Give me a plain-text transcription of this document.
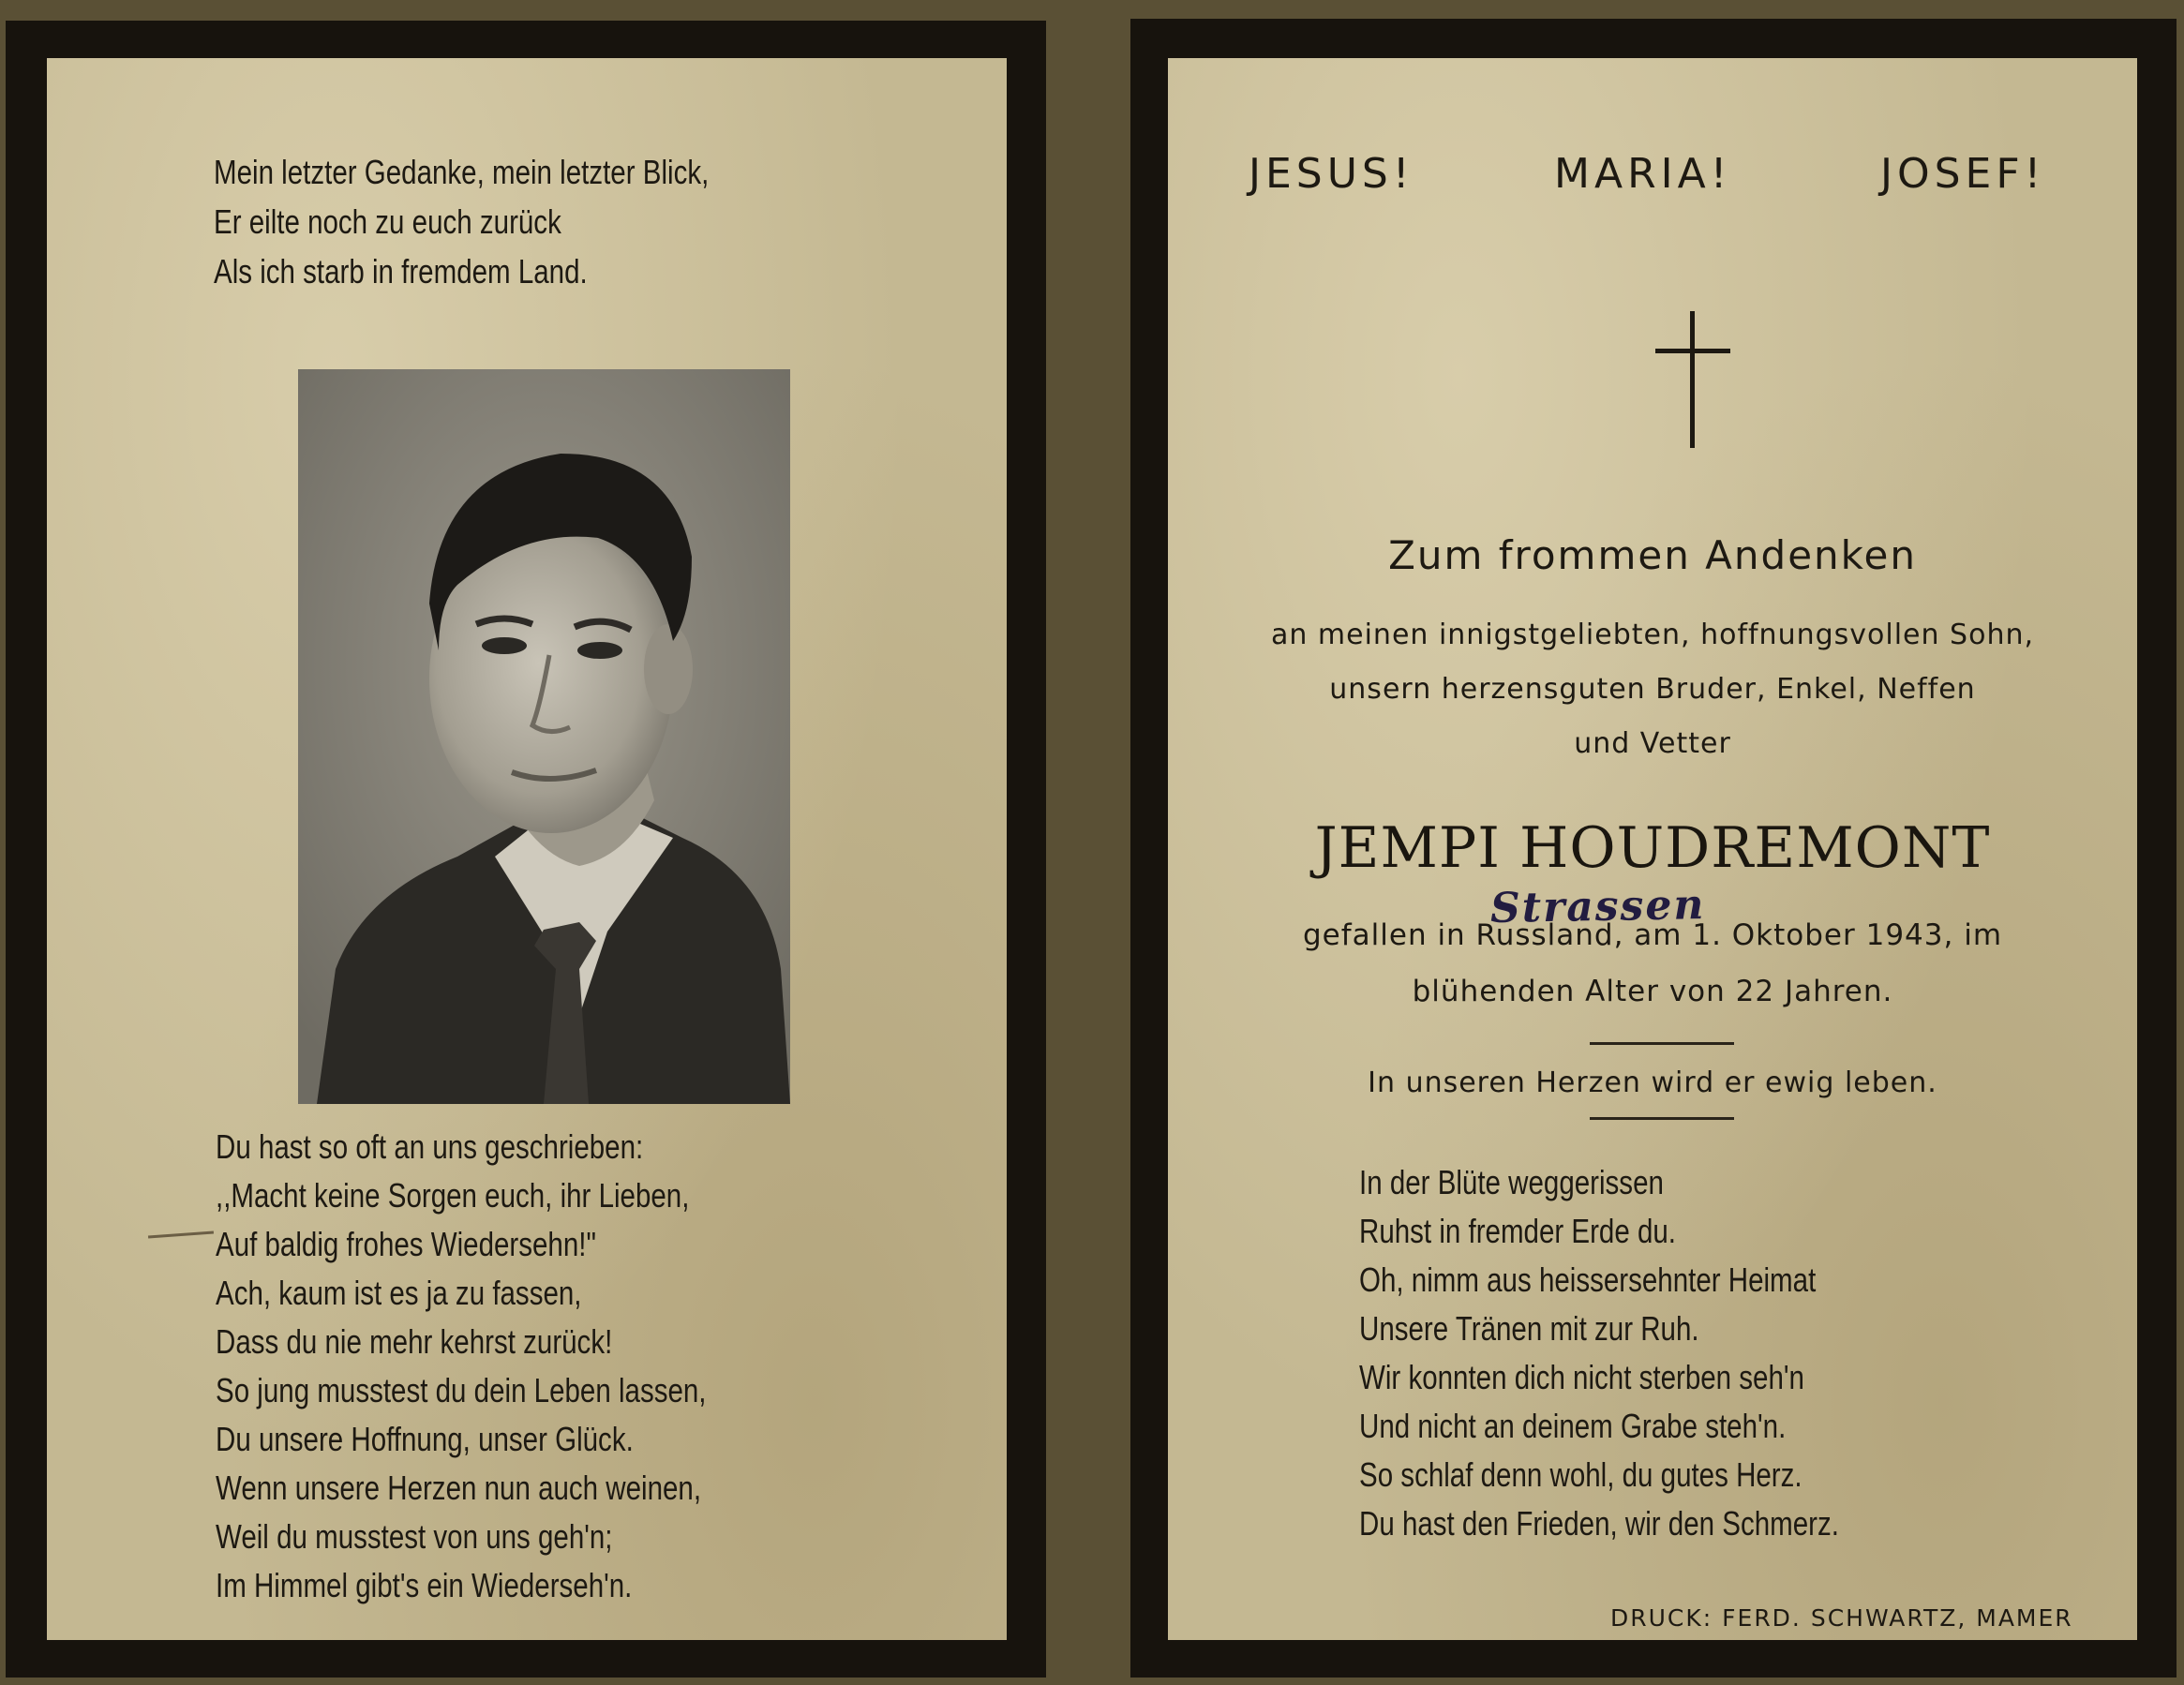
Mein letzter Gedanke, mein letzter Blick,
Er eilte noch zu euch zurück
Als ich starb in fremdem Land.
Du hast so oft an uns geschrieben:
,,Macht keine Sorgen euch, ihr Lieben,
Auf baldig frohes Wiedersehn!"
Ach, kaum ist es ja zu fassen,
Dass du nie mehr kehrst zurück!
So jung musstest du dein Leben lassen,
Du unsere Hoffnung, unser Glück.
Wenn unsere Herzen nun auch weinen,
Weil du musstest von uns geh'n;
Im Himmel gibt's ein Wiederseh'n.
JESUS!	MARIA!	JOSEF!
Zum frommen Andenken
an meinen innigstgeliebten, hoffnungsvollen Sohn,
unsern herzensguten Bruder, Enkel, Neffen
und Vetter
JEMPI HOUDREMONT
Strassen
gefallen in Russland, am 1. Oktober 1943, im
blühenden Alter von 22 Jahren.
In unseren Herzen wird er ewig leben.
In der Blüte weggerissen
Ruhst in fremder Erde du.
Oh, nimm aus heissersehnter Heimat
Unsere Tränen mit zur Ruh.
Wir konnten dich nicht sterben seh'n
Und nicht an deinem Grabe steh'n.
So schlaf denn wohl, du gutes Herz.
Du hast den Frieden, wir den Schmerz.
DRUCK: FERD. SCHWARTZ, MAMER
